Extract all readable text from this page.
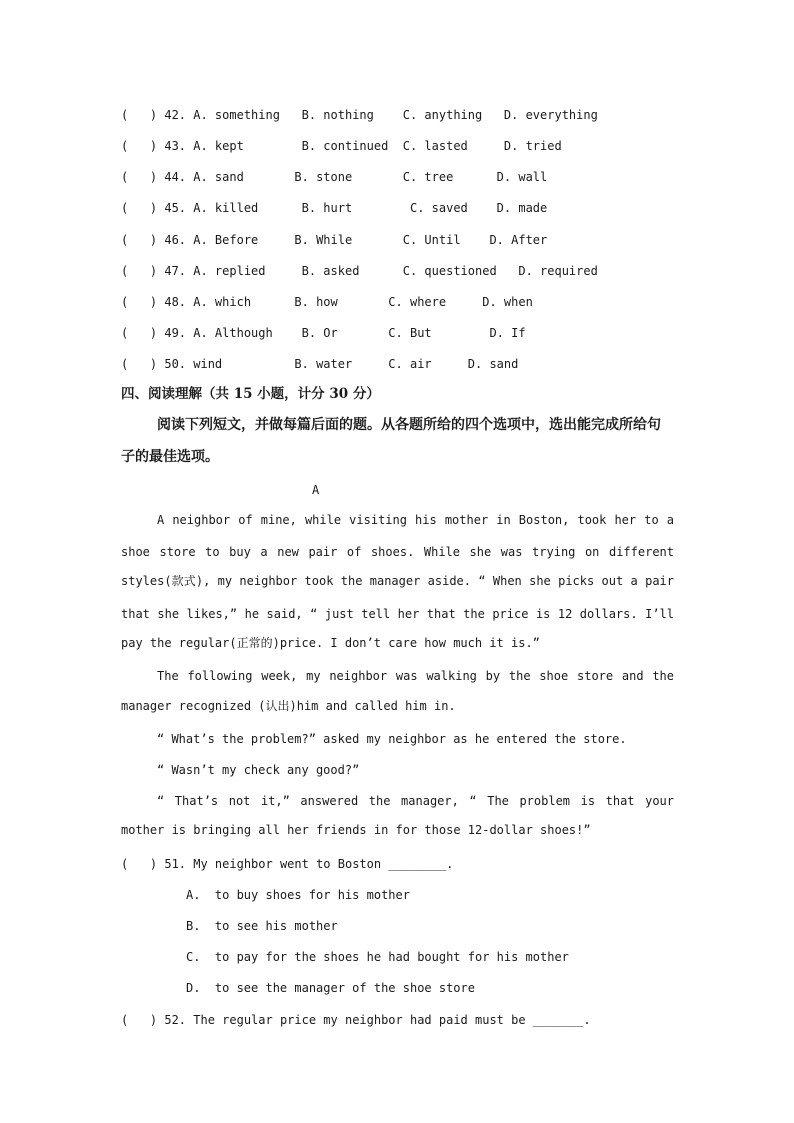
(   ) 42. A. something   B. nothing    C. anything   D. everything
(   ) 43. A. kept        B. continued  C. lasted     D. tried
(   ) 44. A. sand       B. stone       C. tree      D. wall
(   ) 45. A. killed      B. hurt        C. saved    D. made
(   ) 46. A. Before     B. While       C. Until    D. After
(   ) 47. A. replied     B. asked      C. questioned   D. required
(   ) 48. A. which      B. how       C. where     D. when
(   ) 49. A. Although    B. Or       C. But        D. If
(   ) 50. wind          B. water     C. air     D. sand
四、阅读理解（共 15 小题，计分 30 分）
阅读下列短文，并做每篇后面的题。从各题所给的四个选项中，选出能完成所给句
子的最佳选项。
A
A neighbor of mine, while visiting his mother in Boston, took her to a
shoe store to buy a new pair of shoes. While she was trying on different
styles(款式), my neighbor took the manager aside. “ When she picks out a pair
that she likes,” he said, “ just tell her that the price is 12 dollars. I’ll
pay the regular(正常的)price. I don’t care how much it is.”
The following week, my neighbor was walking by the shoe store and the
manager recognized (认出)him and called him in.
“ What’s the problem?” asked my neighbor as he entered the store.
“ Wasn’t my check any good?”
“ That’s not it,” answered the manager, “ The problem is that your
mother is bringing all her friends in for those 12-dollar shoes!”
(   ) 51. My neighbor went to Boston ________.
A.  to buy shoes for his mother
B.  to see his mother
C.  to pay for the shoes he had bought for his mother
D.  to see the manager of the shoe store
(   ) 52. The regular price my neighbor had paid must be _______.
